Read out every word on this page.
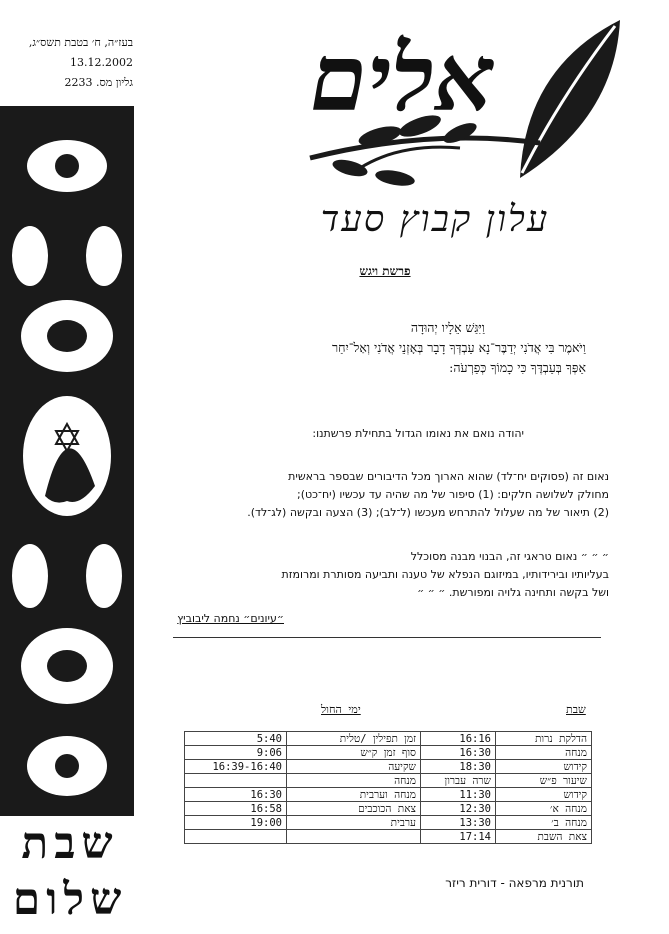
בעז״ה, ח׳ בטבת תשס״ג,
13.12.2002
גליון מס. 2233
שבת
שלום
אלים
עלון קבוץ סעד
פרשת ויגש
וַיִּגַּשׁ אֵלָיו יְהוּדָה
וַיֹּאמֶר בִּי אֲדֹנִי יְדַבֶּר־נָא עַבְדְּךָ דָבָר בְּאָזְנֵי אֲדֹנִי וְאַל־יִחַר
אַפְּךָ בְּעַבְדֶּךָ כִּי כָמוֹךָ כְּפַרְעֹה:
יהודה נואם את נאומו הגדול בתחילת פרשתנו:
נאום זה (פסוקים יח־לד) שהוא הארוך מכל הדיבורים שבספר בראשית
מחולק לשלושה חלקים: (1) סיפור של מה שהיה עד עכשיו (יח־כט);
(2) תיאור של מה שעלול להתרחש מעכשו (ל־לב); (3) הצעה ובקשה (לג־לד).
״ ״ ״ נאום טראגי זה, הבנוי מבנה מסוכלל
בעליותיו ובירידותיו, במיזוגם הנפלא של טענה ותביעה מסותרת ומרומזת
ושל בקשה ותחינה גלויה ומפורשת. ״ ״ ״
״עיונים״ נחמה ליבוביץ
ימי החול	שבת
5:40	זמן תפילין /טלית	16:16	הדלקת נרות
9:06	סוף זמן ק״ש	16:30	מנחה
16:39-16:40	שקיעה	18:30	קידוש
	מנחה	שרה עברון	שיעור פ״ש
16:30	מנחה וערבית	11:30	קידוש
16:58	צאת הכוכבים	12:30	מנחה א׳
19:00	ערבית	13:30	מנחה ב׳
		17:14	צאת השבת
תורנית מרפאה - דורית ריזר
